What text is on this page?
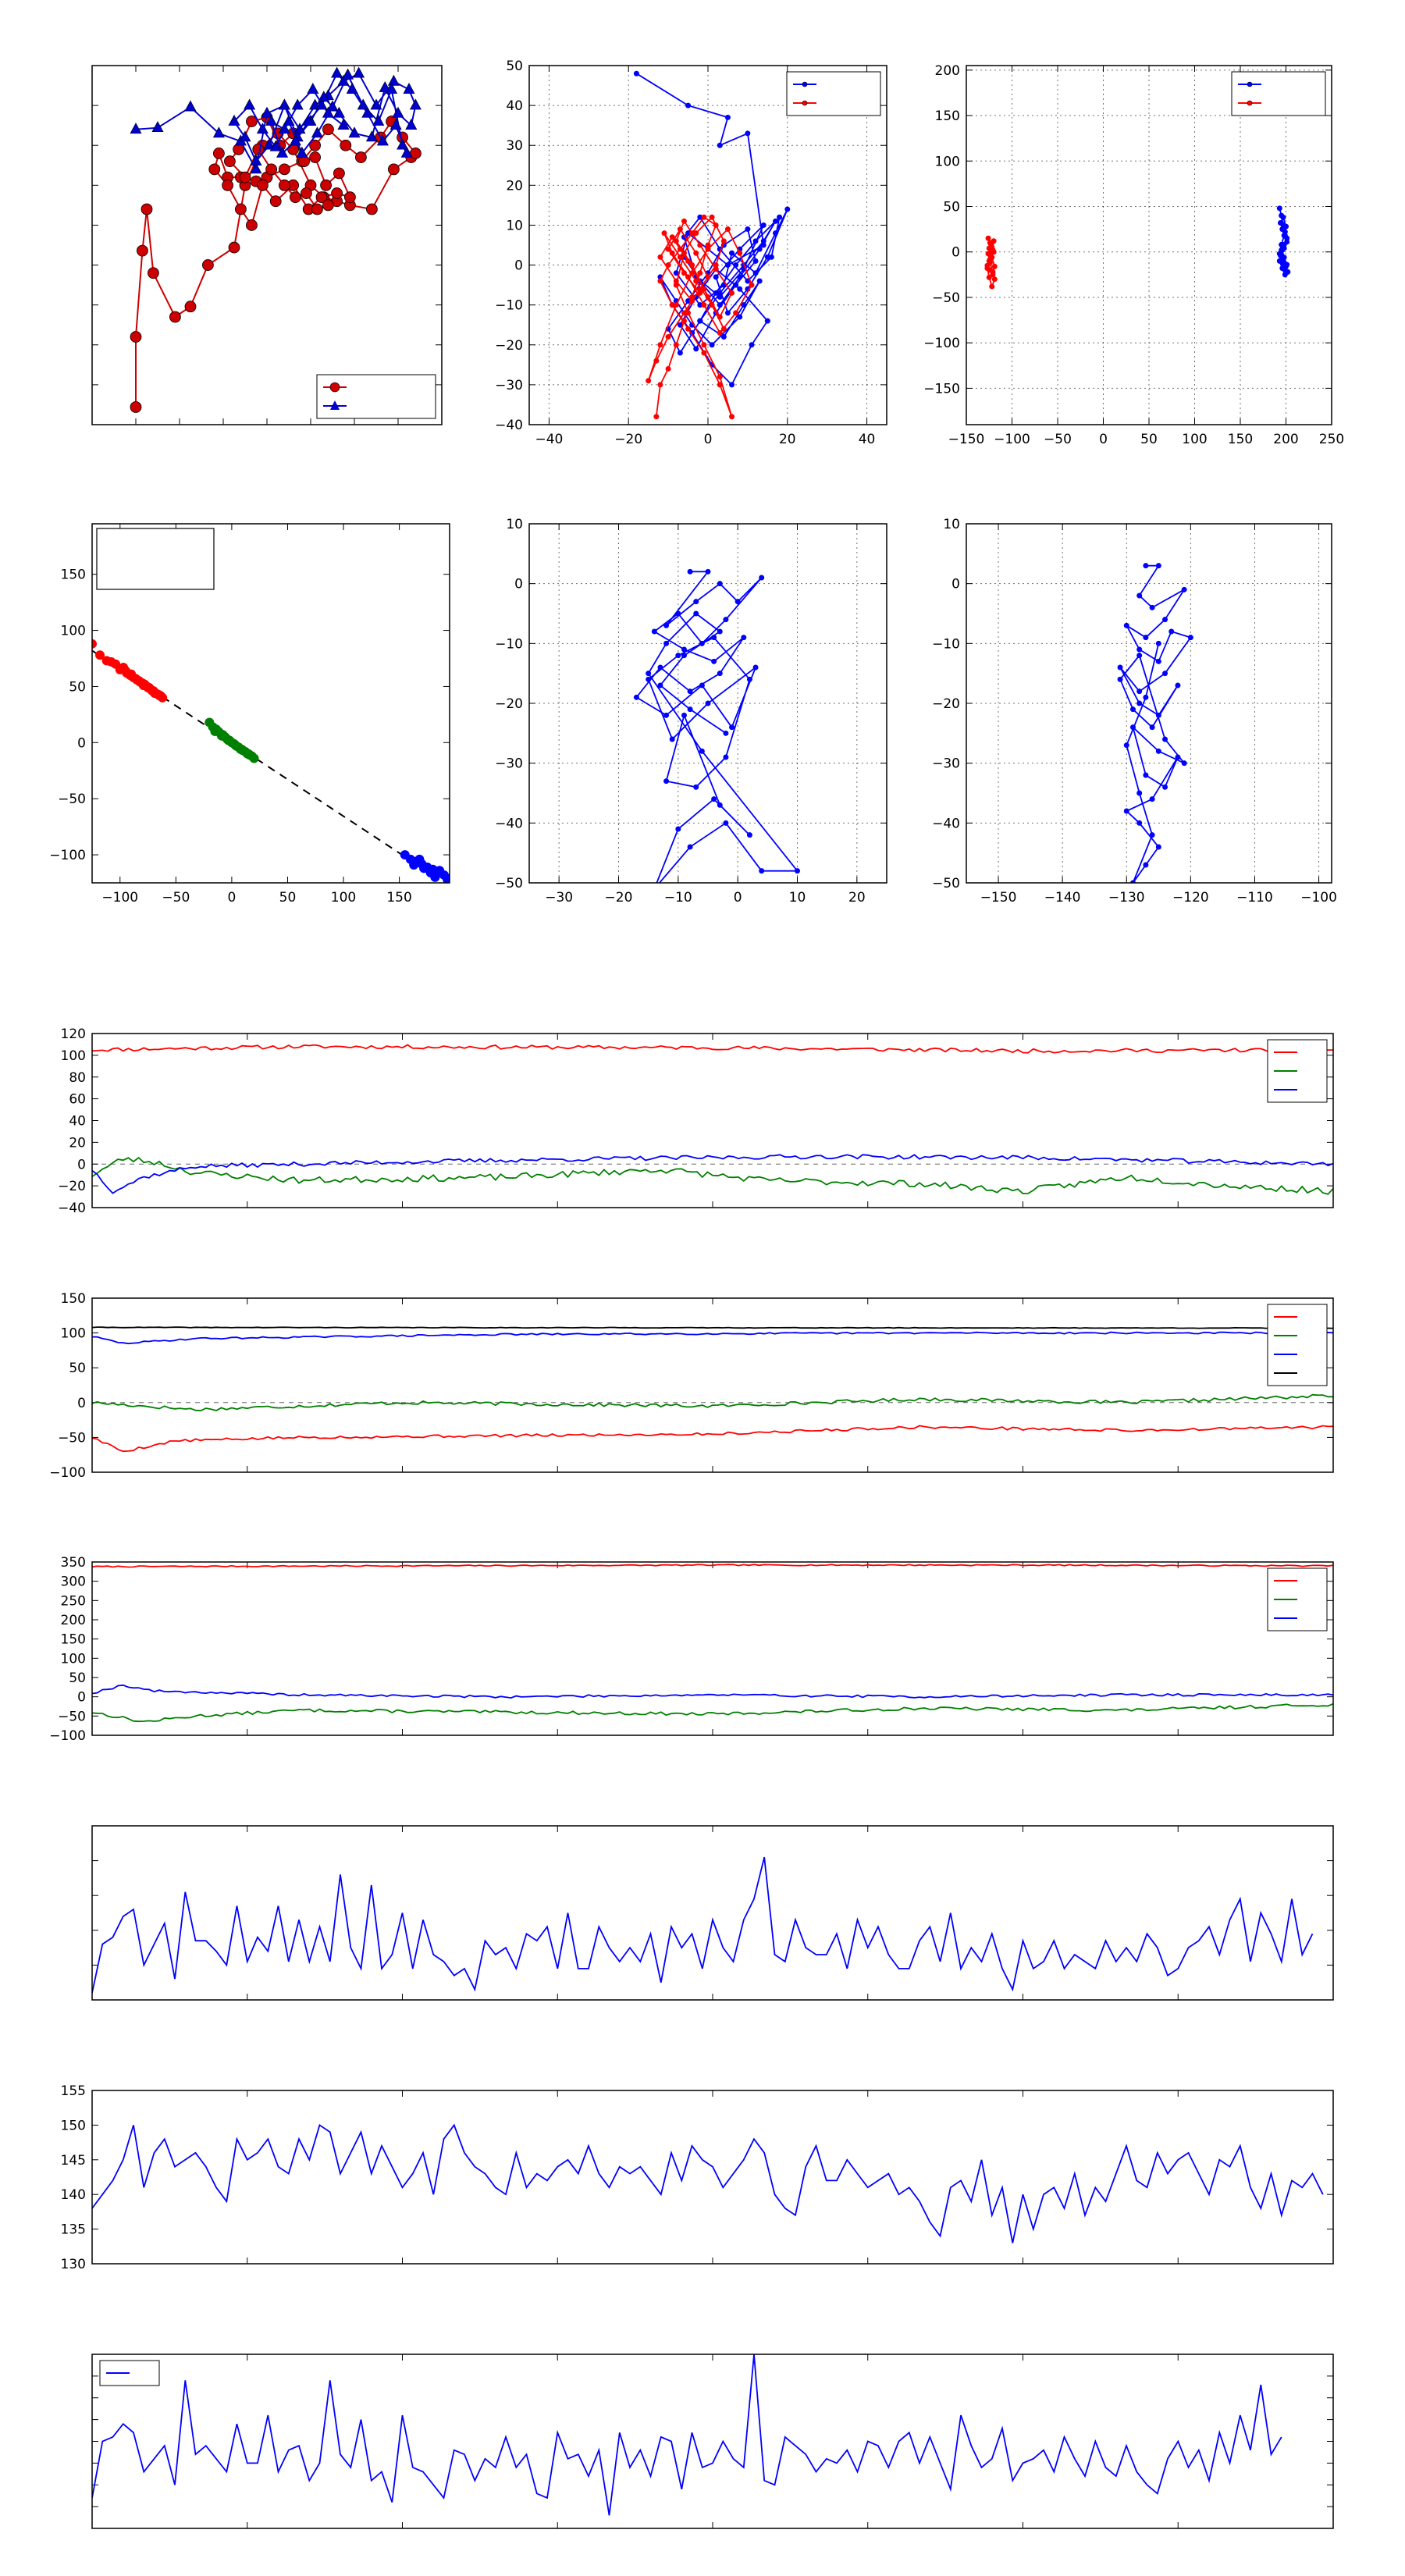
−40	−20	0	20	40
−40
−30
−20
−10
0
10
20
30
40
50
−150 −100 −50 0 50 100 150 200 250
−150
−100
−50
0
50
100
150
200
−100 −50	0	50	100 150
−100
−50
0
50
100
150
−30 −20 −10	0	10	20
−50
−40
−30
−20
−10
0
10
−150 −140 −130 −120 −110 −100
−50
−40
−30
−20
−10
0
10
−40
−20
0
20
40
60
80
100
120
−100
−50
0
50
100
150
−100
−50
0
50
100
150
200
250
300
350
130
135
140
145
150
155
